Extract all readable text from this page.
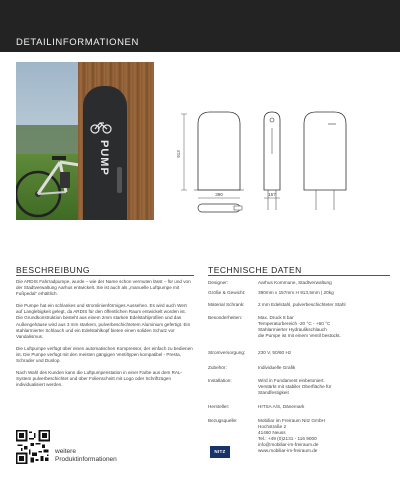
DETAILINFORMATIONEN
PUMP	913
390	157
BESCHREIBUNG

Die ARDIS Fahrradpumpe, wurde – wie der Name schon vermuten lässt – für und von der Stadtverwaltung Aarhus entwickelt. Sie ist auch als „manuelle Luftpumpe mit Fußpedal“ erhältlich.

Die Pumpe hat ein schlankes und stromlinienförmiges Aussehen. Es wird auch Wert auf Langlebigkeit gelegt, da ARDIS für den öffentlichen Raum entwickelt worden ist. Die Grundkonstruktion besteht aus einem 2mm starken Edelstahlprofilen und das Außengehäuse wird aus 3 mm starkem, pulverbeschichtetem Aluminium gefertigt. Ein stahlarmierter Schlauch und ein Edelstahlkopf bieten einen soliden Schutz vor Vandalismus.

Die Luftpumpe verfügt über einen automatischen Kompressor, der einfach zu bedienen ist. Die Pumpe verfügt mit den meisten gängigen Ventiltypen kompatibel - Presta, Schrader und Dunlop.

Nach Wahl des Kunden kann die Luftpumpenstation in einer Farbe aus dem RAL-System pulverbeschichtet und über Folienschnitt mit Logo oder Schriftzügen individualisiert werden.

TECHNISCHE DATEN
Designer:	Aarhus Kommune, Stadtverwaltung
Größe & Gewicht:	390mm x 157mm H 913,5mm | 20kg
Material Schrank:	2 mm Edelstahl, pulverbeschichteter Stahl
Besonderheiten:	Max. Druck 8 bar
Temperaturbereich -20 °C - +60 °C
Stahlarmierter Hydraulikschlauch
die Pumpe ist mit einem Ventil bestückt.
Stromversorgung:	230 V, 50/60 Hz
Zubehör:	Individuelle Grafik
Installation:	Wird in Fundament einbetoniert.
Verstärkt mit stabiler Oberfläche für
Standfestigkeit
Hersteller:	HITSA A/S, Dänemark
Bezugsquelle:	Mobiliar im Freiraum Nitz GmbH
Hochstraße 2
41460 Neuss
Tel.: +49 (0)2131 - 116 9000
info@mobiliar-im-freiraum.de
www.mobiliar-im-freiraum.de
weitere
Produktinformationen
NITZ
